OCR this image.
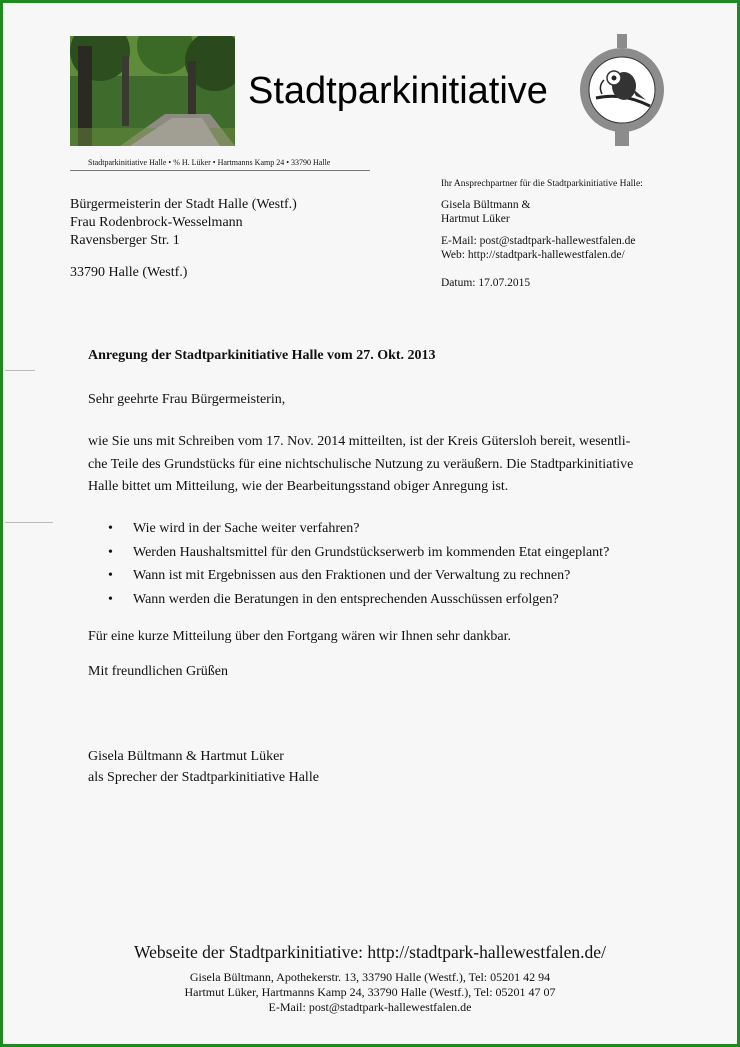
Stadtparkinitiative
Stadtparkinitiative Halle • % H. Lüker • Hartmanns Kamp 24 • 33790 Halle
Bürgermeisterin der Stadt Halle (Westf.)
Frau Rodenbrock-Wesselmann
Ravensberger Str. 1
33790 Halle (Westf.)
Ihr Ansprechpartner für die Stadtparkinitiative Halle:
Gisela Bültmann &
Hartmut Lüker
E-Mail: post@stadtpark-hallewestfalen.de
Web: http://stadtpark-hallewestfalen.de/
Datum: 17.07.2015
Anregung der Stadtparkinitiative Halle vom 27. Okt. 2013
Sehr geehrte Frau Bürgermeisterin,
wie Sie uns mit Schreiben vom 17. Nov. 2014 mitteilten, ist der Kreis Gütersloh bereit, wesentli-
che Teile des Grundstücks für eine nichtschulische Nutzung zu veräußern. Die Stadtparkinitiative
Halle bittet um Mitteilung, wie der Bearbeitungsstand obiger Anregung ist.
• Wie wird in der Sache weiter verfahren?
• Werden Haushaltsmittel für den Grundstückserwerb im kommenden Etat eingeplant?
• Wann ist mit Ergebnissen aus den Fraktionen und der Verwaltung zu rechnen?
• Wann werden die Beratungen in den entsprechenden Ausschüssen erfolgen?
Für eine kurze Mitteilung über den Fortgang wären wir Ihnen sehr dankbar.
Mit freundlichen Grüßen
Gisela Bültmann & Hartmut Lüker
als Sprecher der Stadtparkinitiative Halle
Webseite der Stadtparkinitiative: http://stadtpark-hallewestfalen.de/
Gisela Bültmann, Apothekerstr. 13, 33790 Halle (Westf.), Tel: 05201 42 94
Hartmut Lüker, Hartmanns Kamp 24, 33790 Halle (Westf.), Tel: 05201 47 07
E-Mail: post@stadtpark-hallewestfalen.de
